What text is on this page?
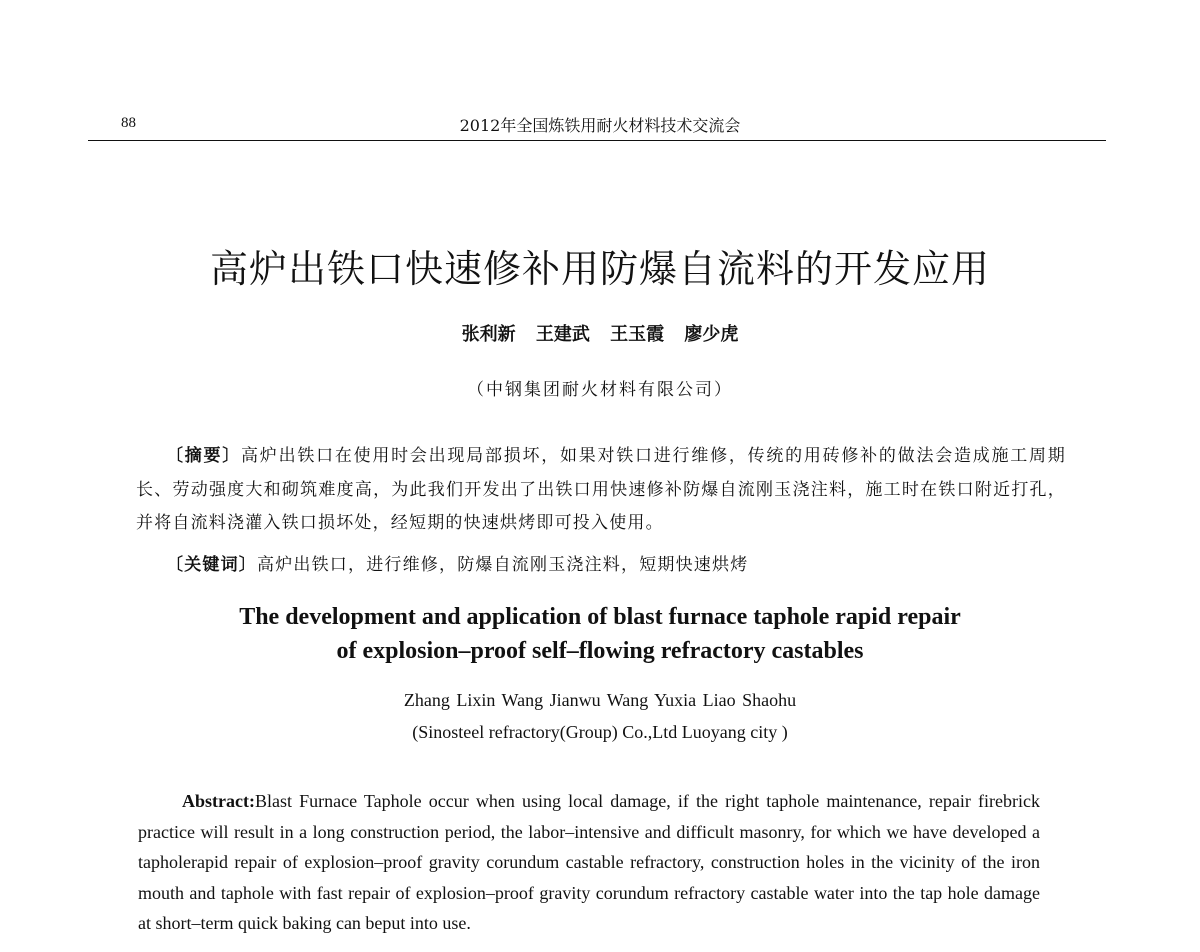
88	2012年全国炼铁用耐火材料技术交流会
高炉出铁口快速修补用防爆自流料的开发应用
张利新 王建武 王玉霞 廖少虎
（中钢集团耐火材料有限公司）
〔摘要〕高炉出铁口在使用时会出现局部损坏，如果对铁口进行维修，传统的用砖修补的做法会造成施工周期长、劳动强度大和砌筑难度高，为此我们开发出了出铁口用快速修补防爆自流刚玉浇注料，施工时在铁口附近打孔，并将自流料浇灌入铁口损坏处，经短期的快速烘烤即可投入使用。
〔关键词〕高炉出铁口，进行维修，防爆自流刚玉浇注料，短期快速烘烤
The development and application of blast furnace taphole rapid repair
of explosion–proof self–flowing refractory castables
Zhang Lixin Wang Jianwu Wang Yuxia Liao Shaohu
(Sinosteel refractory(Group) Co.,Ltd Luoyang city )
Abstract:Blast Furnace Taphole occur when using local damage, if the right taphole maintenance, repair firebrick practice will result in a long construction period, the labor–intensive and difficult masonry, for which we have developed a tapholerapid repair of explosion–proof gravity corundum castable refractory, construction holes in the vicinity of the iron mouth and taphole with fast repair of explosion–proof gravity corundum refractory castable water into the tap hole damage at short–term quick baking can beput into use.
